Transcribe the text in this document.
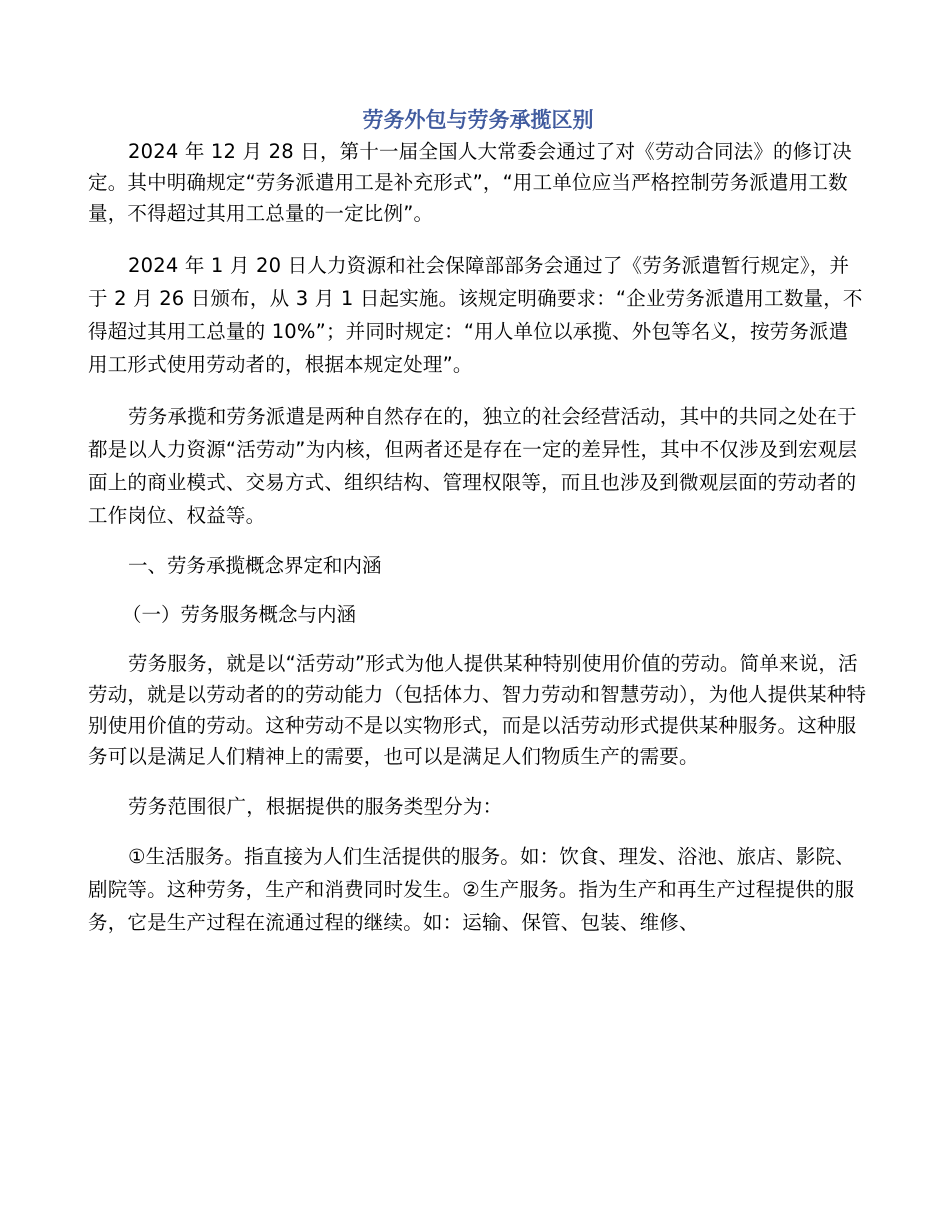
劳务外包与劳务承揽区别

2024 年 12 月 28 日，第十一届全国人大常委会通过了对《劳动合同法》的修订决定。其中明确规定“劳务派遣用工是补充形式”，“用工单位应当严格控制劳务派遣用工数量，不得超过其用工总量的一定比例”。

2024 年 1 月 20 日人力资源和社会保障部部务会通过了《劳务派遣暂行规定》，并于 2 月 26 日颁布，从 3 月 1 日起实施。该规定明确要求：“企业劳务派遣用工数量，不得超过其用工总量的 10%”；并同时规定：“用人单位以承揽、外包等名义，按劳务派遣用工形式使用劳动者的，根据本规定处理”。

劳务承揽和劳务派遣是两种自然存在的，独立的社会经营活动，其中的共同之处在于都是以人力资源“活劳动”为内核，但两者还是存在一定的差异性，其中不仅涉及到宏观层面上的商业模式、交易方式、组织结构、管理权限等，而且也涉及到微观层面的劳动者的工作岗位、权益等。

一、劳务承揽概念界定和内涵

（一）劳务服务概念与内涵

劳务服务，就是以“活劳动”形式为他人提供某种特别使用价值的劳动。简单来说，活劳动，就是以劳动者的的劳动能力（包括体力、智力劳动和智慧劳动），为他人提供某种特别使用价值的劳动。这种劳动不是以实物形式，而是以活劳动形式提供某种服务。这种服务可以是满足人们精神上的需要，也可以是满足人们物质生产的需要。

劳务范围很广，根据提供的服务类型分为：

①生活服务。指直接为人们生活提供的服务。如：饮食、理发、浴池、旅店、影院、剧院等。这种劳务，生产和消费同时发生。②生产服务。指为生产和再生产过程提供的服务，它是生产过程在流通过程的继续。如：运输、保管、包装、维修、
